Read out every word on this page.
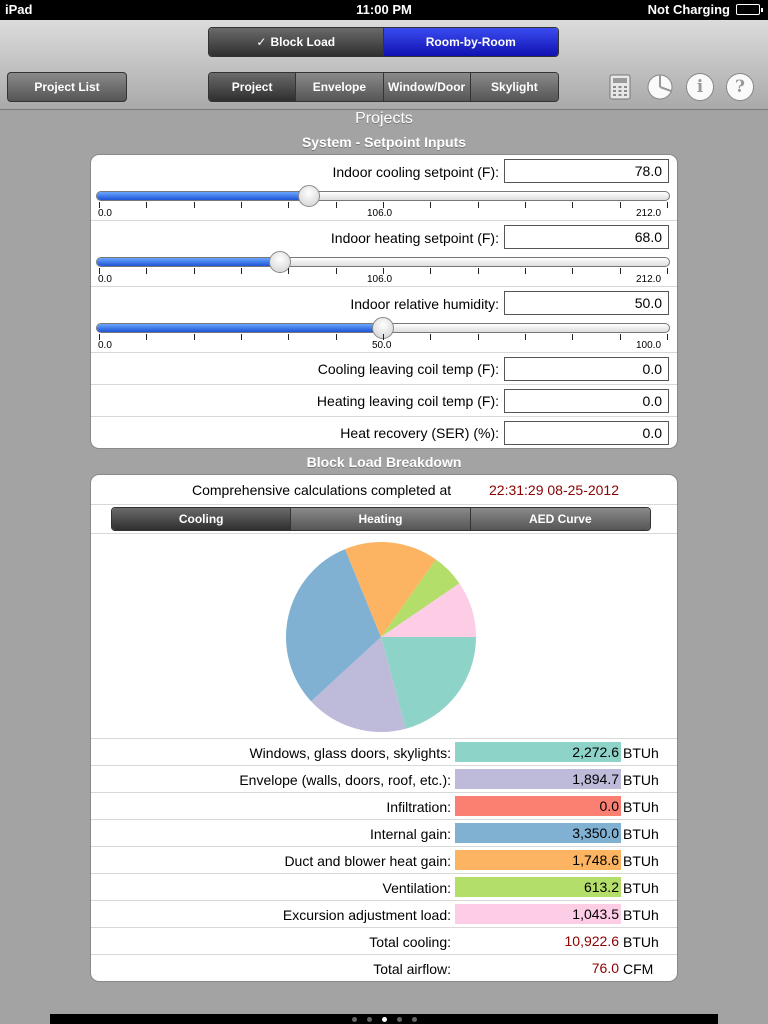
iPad	11:00 PM	Not Charging
✓ Block Load	Room-by-Room
Project List	Project	Envelope	Window/Door	Skylight	i	?
Projects
System - Setpoint Inputs
Indoor cooling setpoint (F):	78.0
0.0	106.0	212.0
Indoor heating setpoint (F):	68.0
0.0	106.0	212.0
Indoor relative humidity:	50.0
0.0	50.0	100.0
Cooling leaving coil temp (F):	0.0
Heating leaving coil temp (F):	0.0
Heat recovery (SER) (%):	0.0
Block Load Breakdown
Comprehensive calculations completed at	22:31:29 08-25-2012
Cooling	Heating	AED Curve
Windows, glass doors, skylights:	2,272.6 BTUh
Envelope (walls, doors, roof, etc.):	1,894.7 BTUh
Infiltration:	0.0 BTUh
Internal gain:	3,350.0 BTUh
Duct and blower heat gain:	1,748.6 BTUh
Ventilation:	613.2 BTUh
Excursion adjustment load:	1,043.5 BTUh
Total cooling:	10,922.6 BTUh
Total airflow:	76.0 CFM
